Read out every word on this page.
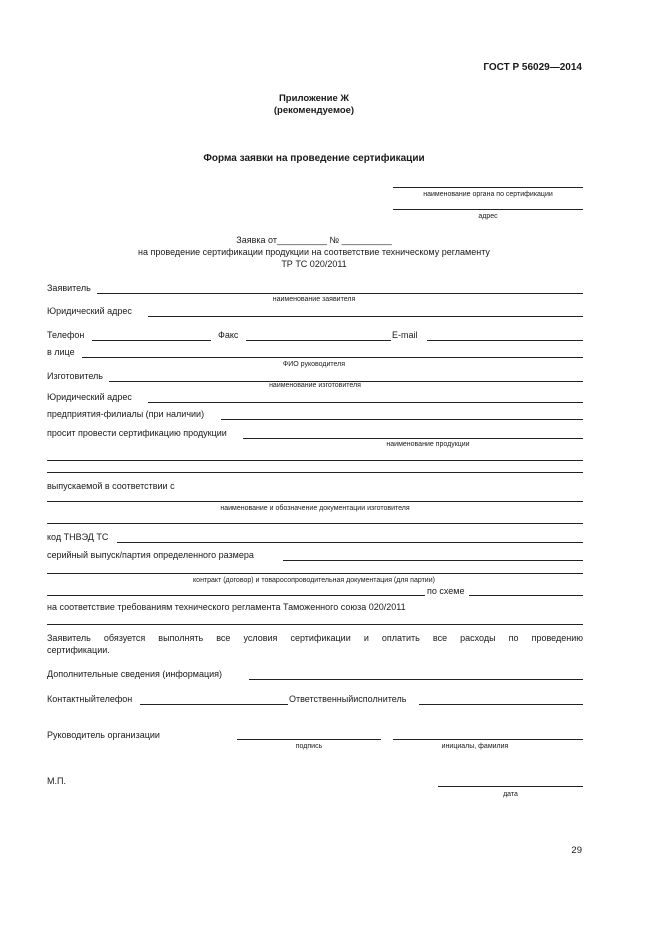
ГОСТ Р 56029—2014
Приложение Ж
(рекомендуемое)
Форма заявки на проведение сертификации
наименование органа по сертификации
адрес
Заявка от__________ № __________
на проведение сертификации продукции на соответствие техническому регламенту
ТР ТС 020/2011
Заявитель
наименование заявителя
Юридический адрес
Телефон	Факс	E-mail
в лице
ФИО руководителя
Изготовитель
наименование изготовителя
Юридический адрес
предприятия-филиалы (при наличии)
просит провести сертификацию продукции
наименование продукции
выпускаемой в соответствии с
наименование и обозначение документации изготовителя
код ТНВЭД ТС
серийный выпуск/партия определенного размера
контракт (договор) и товаросопроводительная документация (для партии)
по схеме
на соответствие требованиям технического регламента Таможенного союза 020/2011
Заявитель обязуется выполнять все условия сертификации и оплатить все расходы по проведению
сертификации.
Дополнительные сведения (информация)
Контактныйтелефон	Ответственныйисполнитель
Руководитель организации
подпись	инициалы, фамилия
М.П.
дата
29
